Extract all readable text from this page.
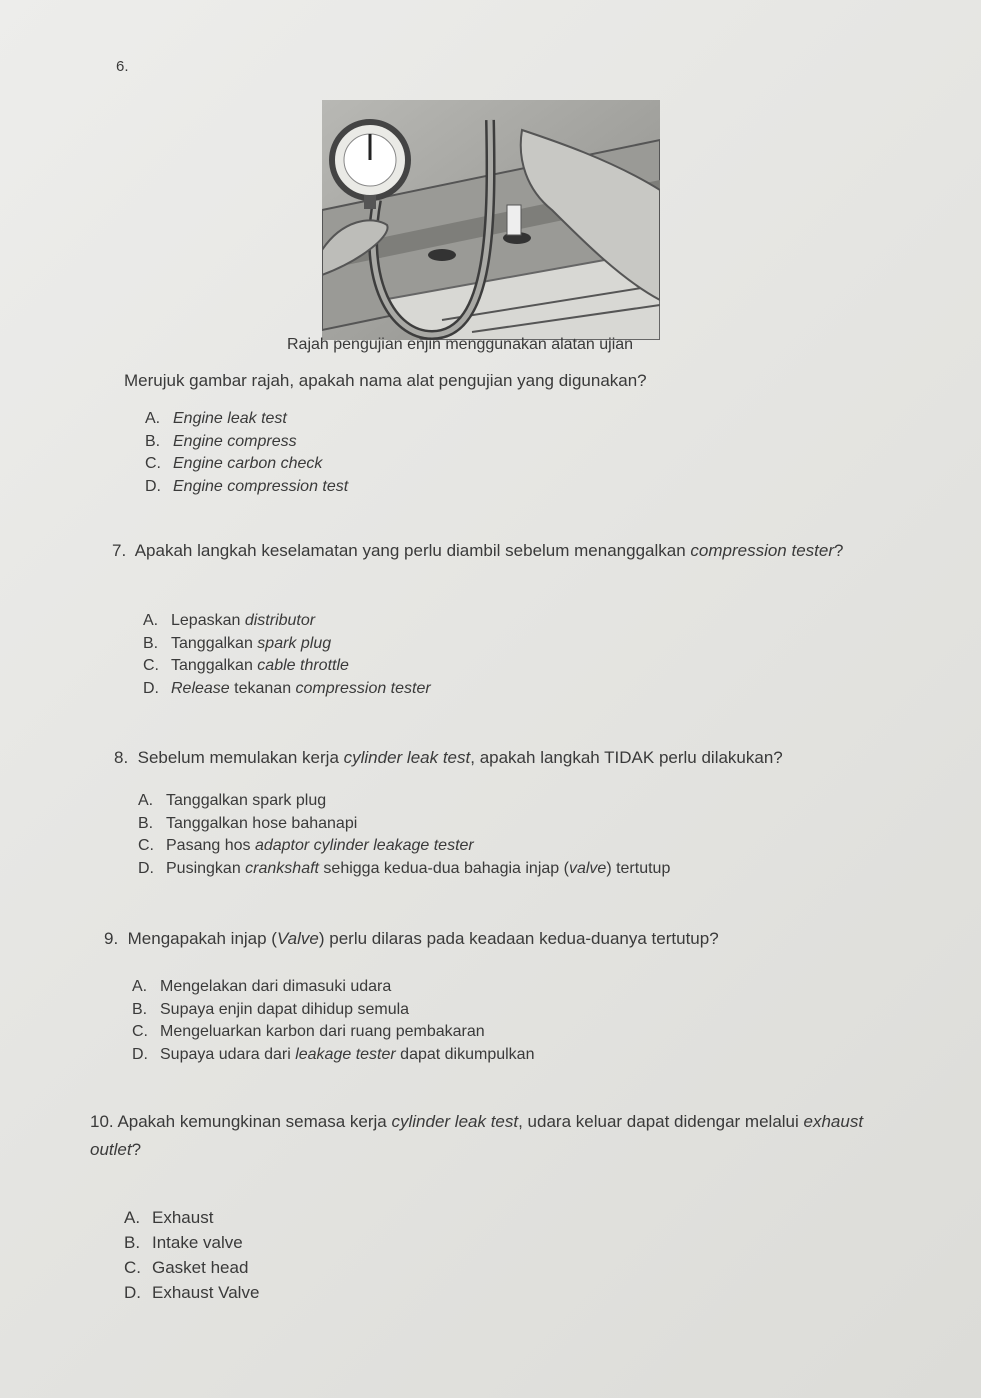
6.
Rajah pengujian enjin menggunakan alatan ujian
Merujuk gambar rajah, apakah nama alat pengujian yang digunakan?
A. Engine leak test
B. Engine compress
C. Engine carbon check
D. Engine compression test
7. Apakah langkah keselamatan yang perlu diambil sebelum menanggalkan compression tester?
A. Lepaskan distributor
B. Tanggalkan spark plug
C. Tanggalkan cable throttle
D. Release tekanan compression tester
8. Sebelum memulakan kerja cylinder leak test, apakah langkah TIDAK perlu dilakukan?
A. Tanggalkan spark plug
B. Tanggalkan hose bahanapi
C. Pasang hos adaptor cylinder leakage tester
D. Pusingkan crankshaft sehigga kedua-dua bahagia injap (valve) tertutup
9. Mengapakah injap (Valve) perlu dilaras pada keadaan kedua-duanya tertutup?
A. Mengelakan dari dimasuki udara
B. Supaya enjin dapat dihidup semula
C. Mengeluarkan karbon dari ruang pembakaran
D. Supaya udara dari leakage tester dapat dikumpulkan
10. Apakah kemungkinan semasa kerja cylinder leak test, udara keluar dapat didengar melalui exhaust outlet?
A. Exhaust
B. Intake valve
C. Gasket head
D. Exhaust Valve
